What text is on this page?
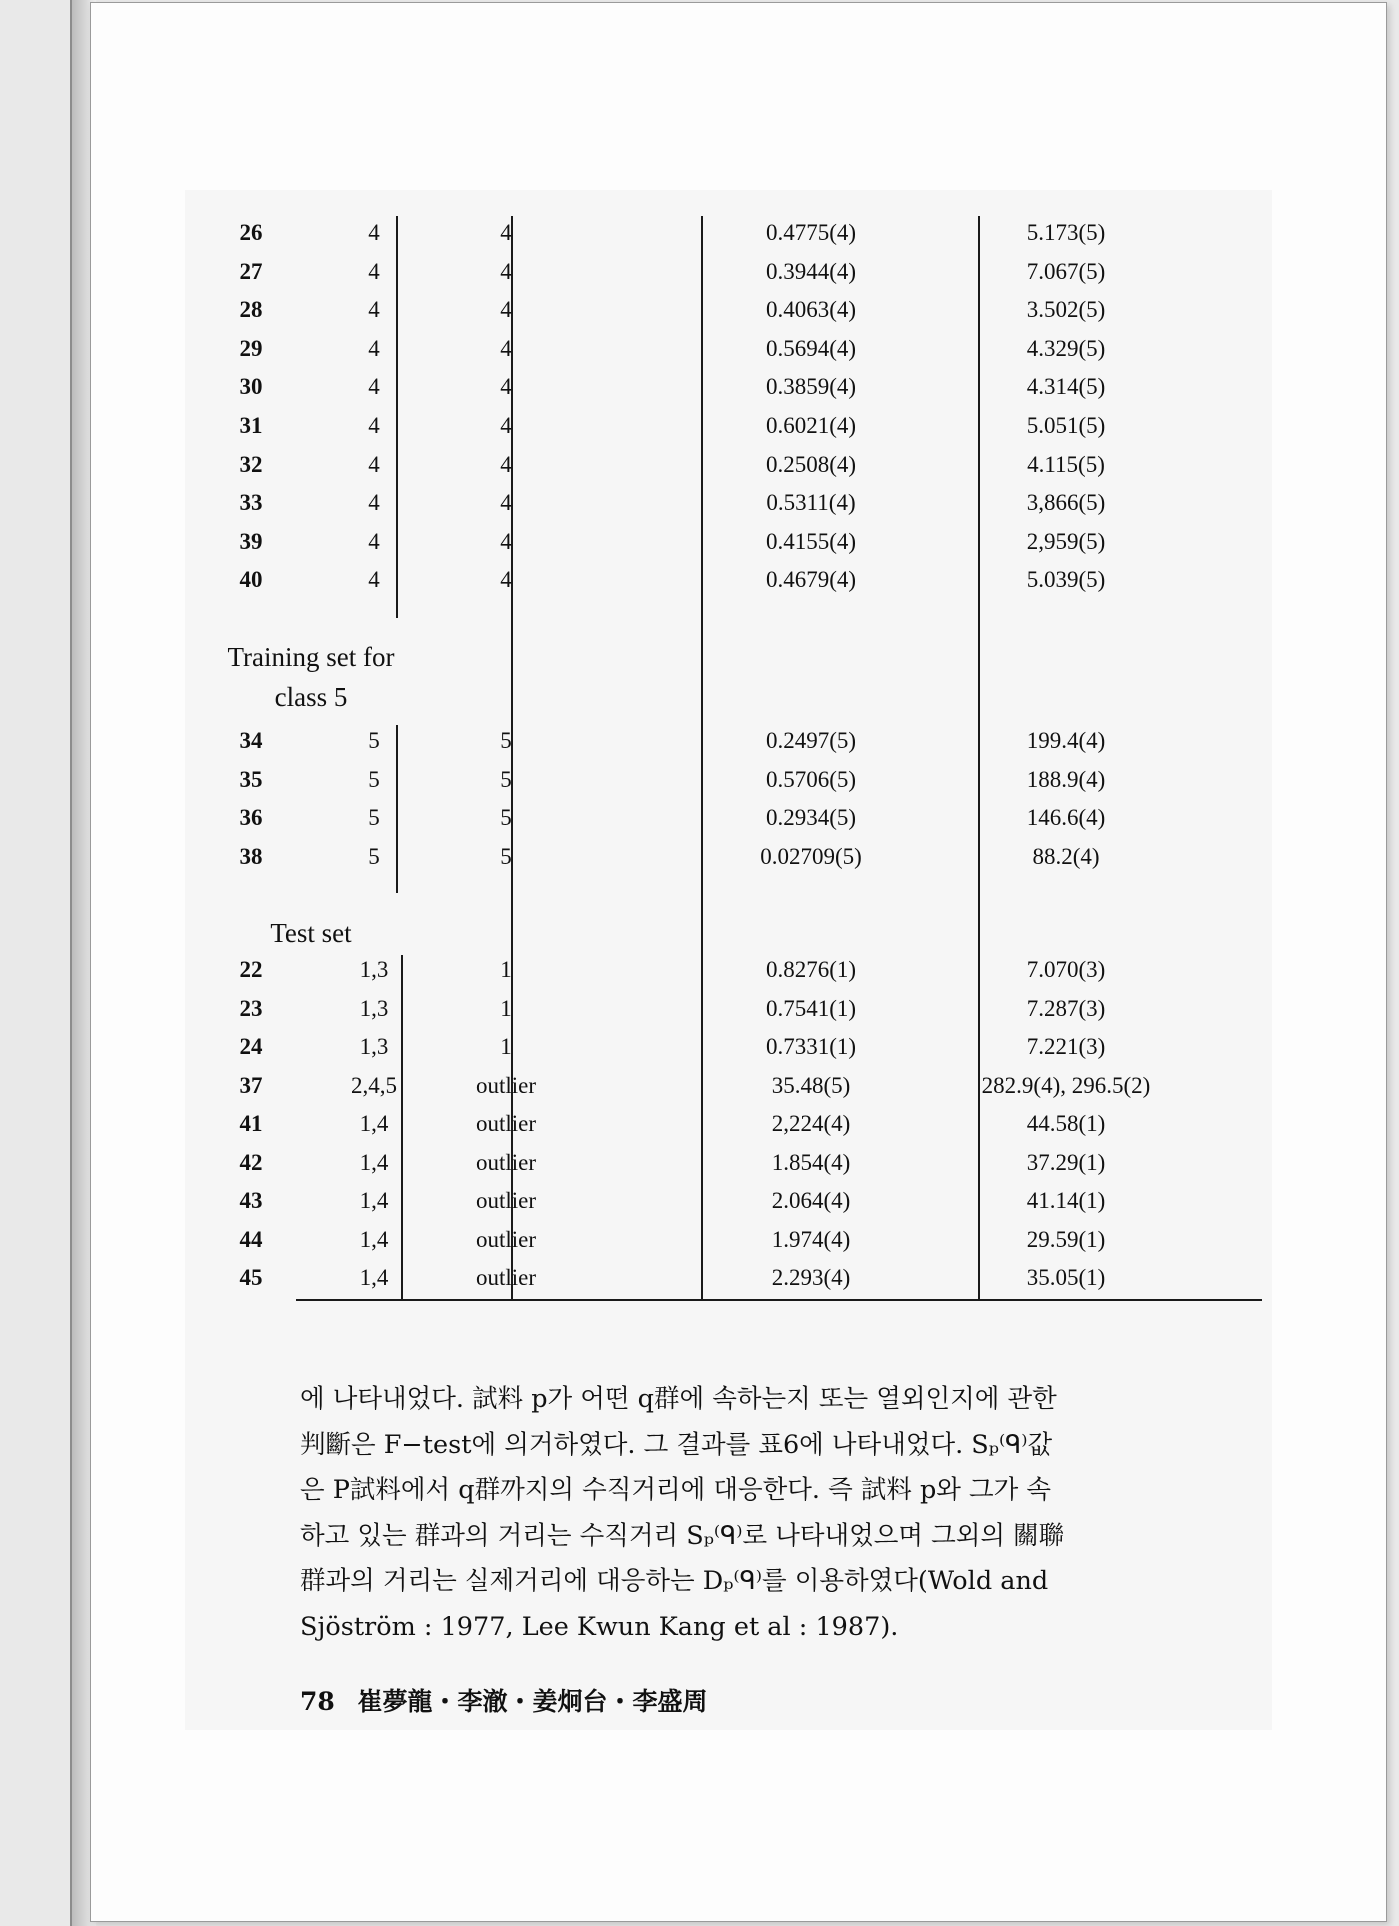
26	4	4	0.4775(4)	5.173(5)
27	4	4	0.3944(4)	7.067(5)
28	4	4	0.4063(4)	3.502(5)
29	4	4	0.5694(4)	4.329(5)
30	4	4	0.3859(4)	4.314(5)
31	4	4	0.6021(4)	5.051(5)
32	4	4	0.2508(4)	4.115(5)
33	4	4	0.5311(4)	3,866(5)
39	4	4	0.4155(4)	2,959(5)
40	4	4	0.4679(4)	5.039(5)
Training set for
class 5
34	5	5	0.2497(5)	199.4(4)
35	5	5	0.5706(5)	188.9(4)
36	5	5	0.2934(5)	146.6(4)
38	5	5	0.02709(5)	88.2(4)
Test set
22	1,3	1	0.8276(1)	7.070(3)
23	1,3	1	0.7541(1)	7.287(3)
24	1,3	1	0.7331(1)	7.221(3)
37	2,4,5	outlier	35.48(5)	282.9(4), 296.5(2)
41	1,4	outlier	2,224(4)	44.58(1)
42	1,4	outlier	1.854(4)	37.29(1)
43	1,4	outlier	2.064(4)	41.14(1)
44	1,4	outlier	1.974(4)	29.59(1)
45	1,4	outlier	2.293(4)	35.05(1)

에 나타내었다. 試料 p가 어떤 q群에 속하는지 또는 열외인지에 관한

判斷은 F−test에 의거하였다. 그 결과를 표6에 나타내었다. Sₚ⁽ᑫ⁾값

은 P試料에서 q群까지의 수직거리에 대응한다. 즉 試料 p와 그가 속

하고 있는 群과의 거리는 수직거리 Sₚ⁽ᑫ⁾로 나타내었으며 그외의 關聯

群과의 거리는 실제거리에 대응하는 Dₚ⁽ᑫ⁾를 이용하였다(Wold and

Sjöström : 1977, Lee Kwun Kang et al : 1987).

78 崔夢龍・李澈・姜炯台・李盛周
